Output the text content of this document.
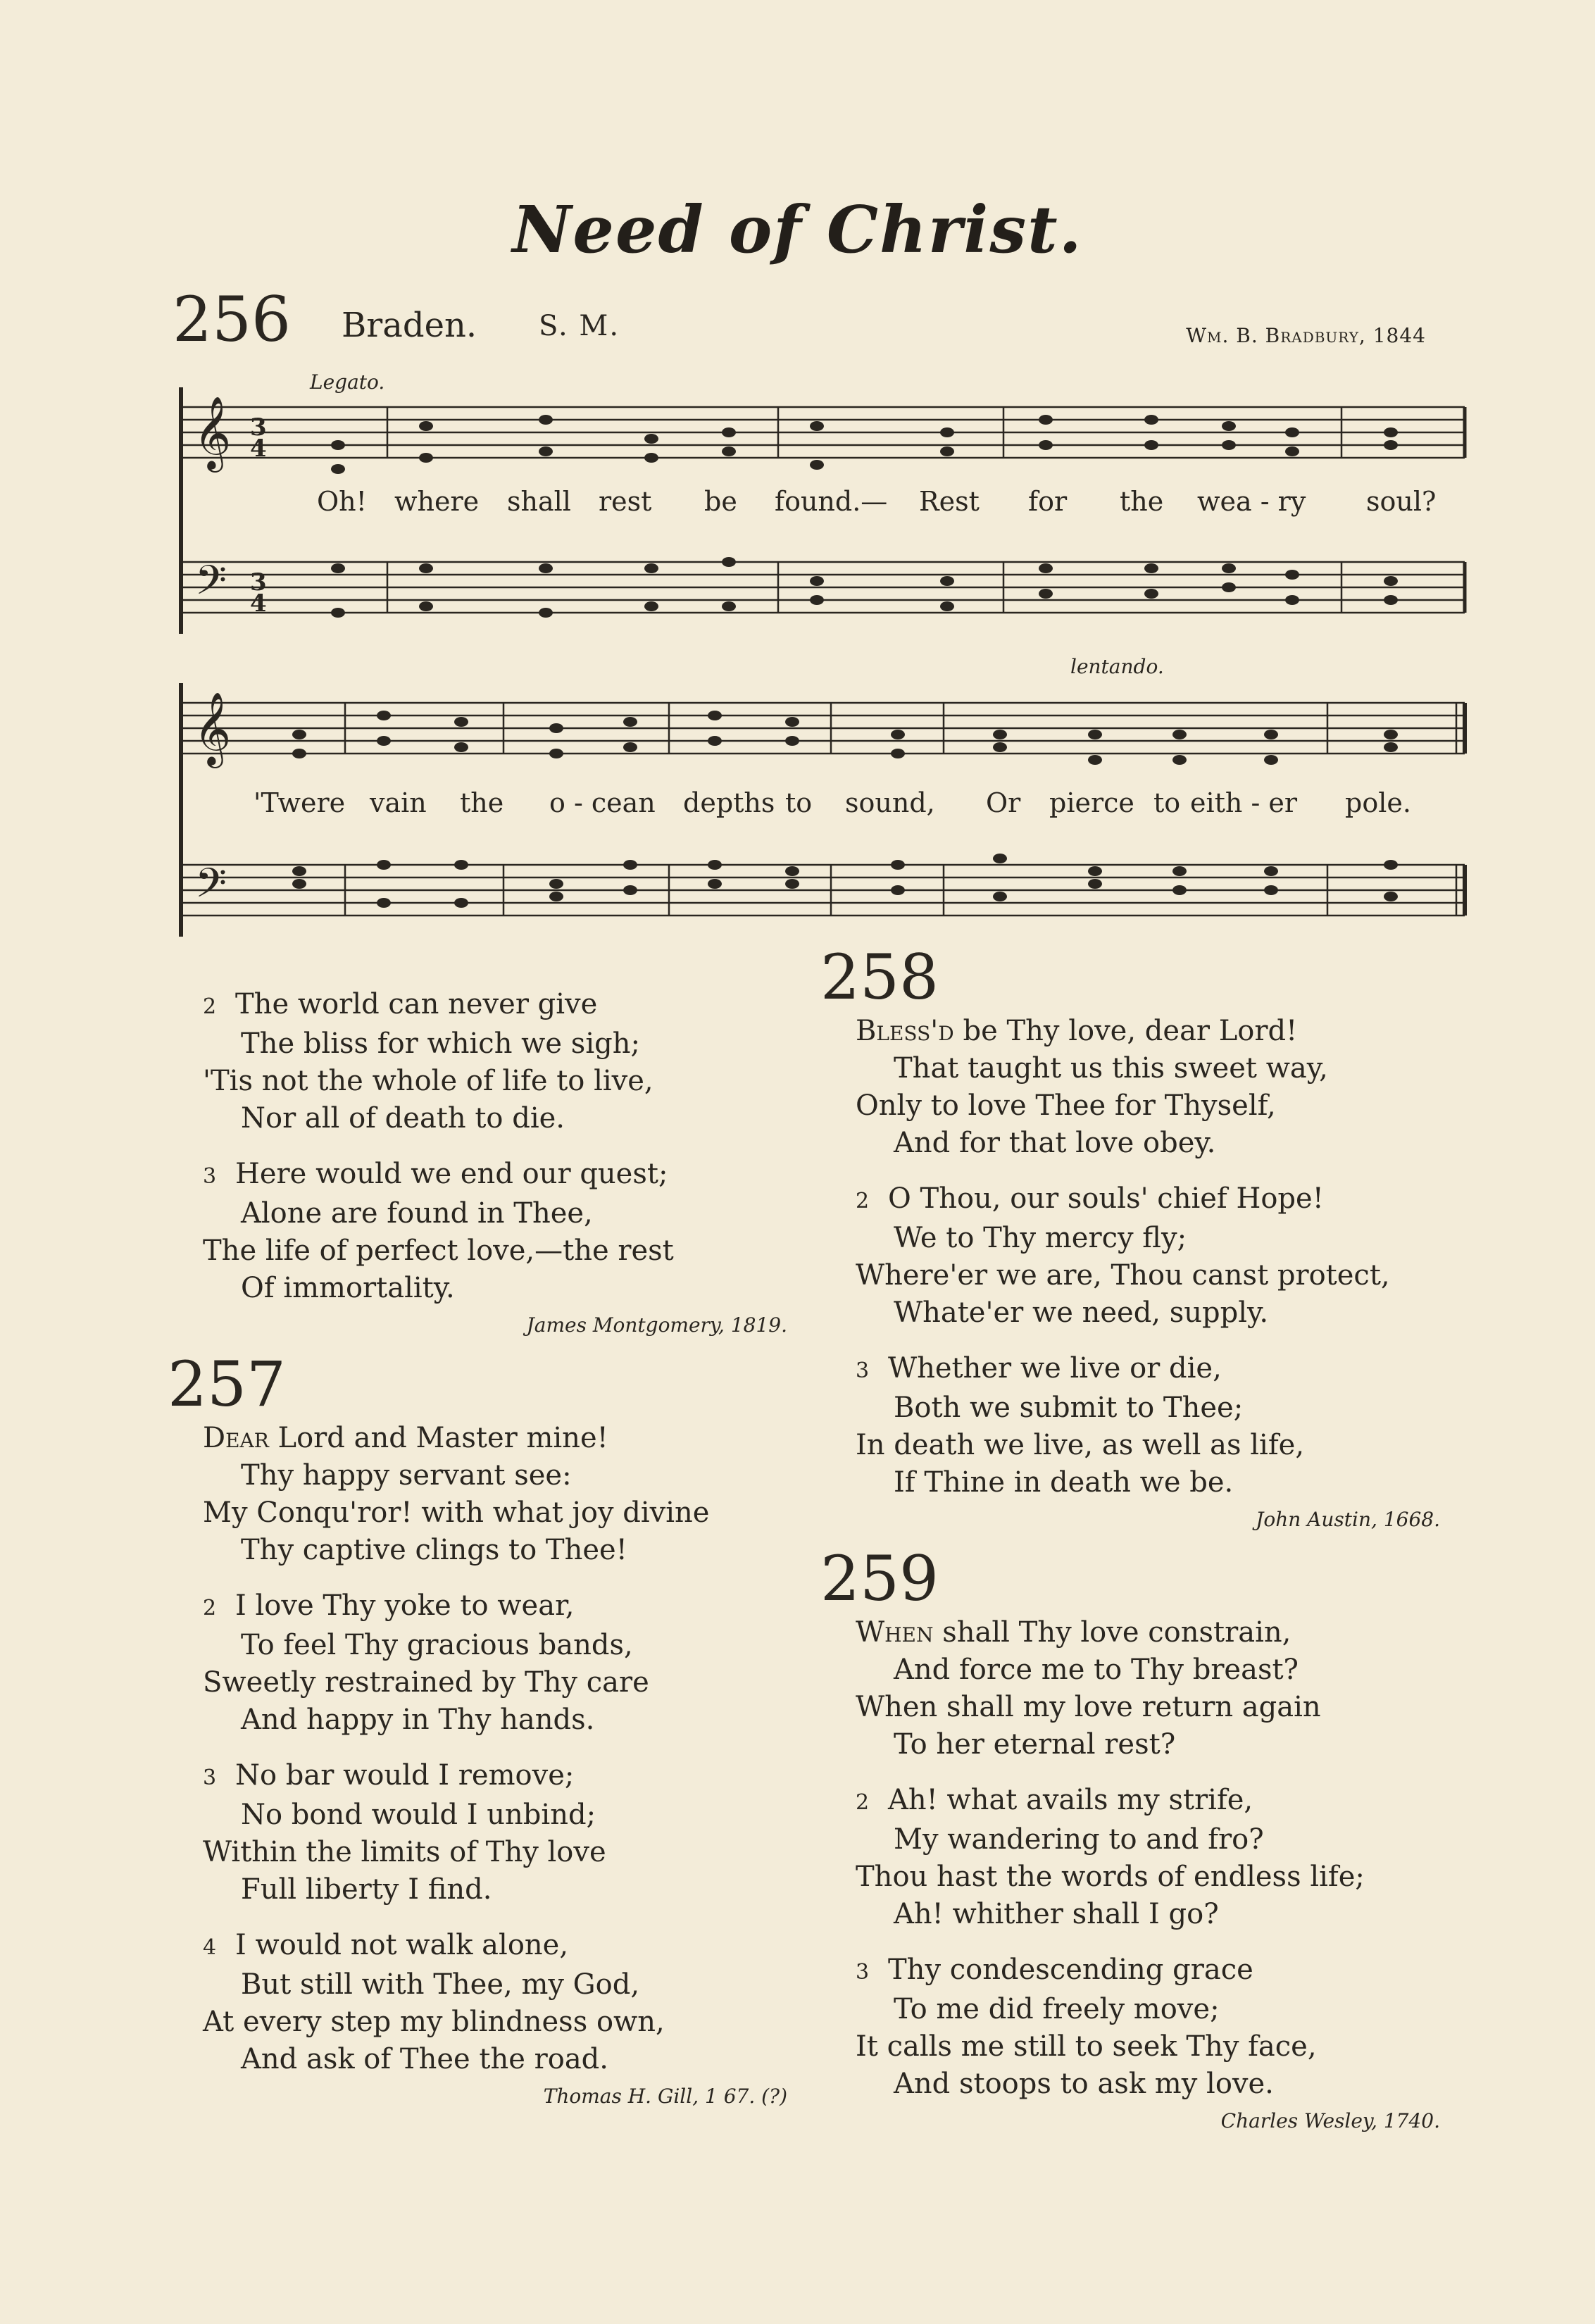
Need of Christ.
256 Braden. S. M.	Wm. B. Bradbury, 1844
𝄞
𝄢
3
4
3
4
Legato.
Oh! where shall rest be found.— Rest for the wea - ry soul?
𝄞
𝄢
lentando.
'Twere vain the o - cean depths to sound, Or pierce to eith - er pole.
2 The world can never give
The bliss for which we sigh;
'Tis not the whole of life to live,
Nor all of death to die.
3 Here would we end our quest;
Alone are found in Thee,
The life of perfect love,—the rest
Of immortality.
James Montgomery, 1819.
257
Dear Lord and Master mine!
Thy happy servant see:
My Conqu'ror! with what joy divine
Thy captive clings to Thee!
2 I love Thy yoke to wear,
To feel Thy gracious bands,
Sweetly restrained by Thy care
And happy in Thy hands.
3 No bar would I remove;
No bond would I unbind;
Within the limits of Thy love
Full liberty I find.
4 I would not walk alone,
But still with Thee, my God,
At every step my blindness own,
And ask of Thee the road.
Thomas H. Gill, 1 67. (?)
258
Bless'd be Thy love, dear Lord!
That taught us this sweet way,
Only to love Thee for Thyself,
And for that love obey.
2 O Thou, our souls' chief Hope!
We to Thy mercy fly;
Where'er we are, Thou canst protect,
Whate'er we need, supply.
3 Whether we live or die,
Both we submit to Thee;
In death we live, as well as life,
If Thine in death we be.
John Austin, 1668.
259
When shall Thy love constrain,
And force me to Thy breast?
When shall my love return again
To her eternal rest?
2 Ah! what avails my strife,
My wandering to and fro?
Thou hast the words of endless life;
Ah! whither shall I go?
3 Thy condescending grace
To me did freely move;
It calls me still to seek Thy face,
And stoops to ask my love.
Charles Wesley, 1740.
